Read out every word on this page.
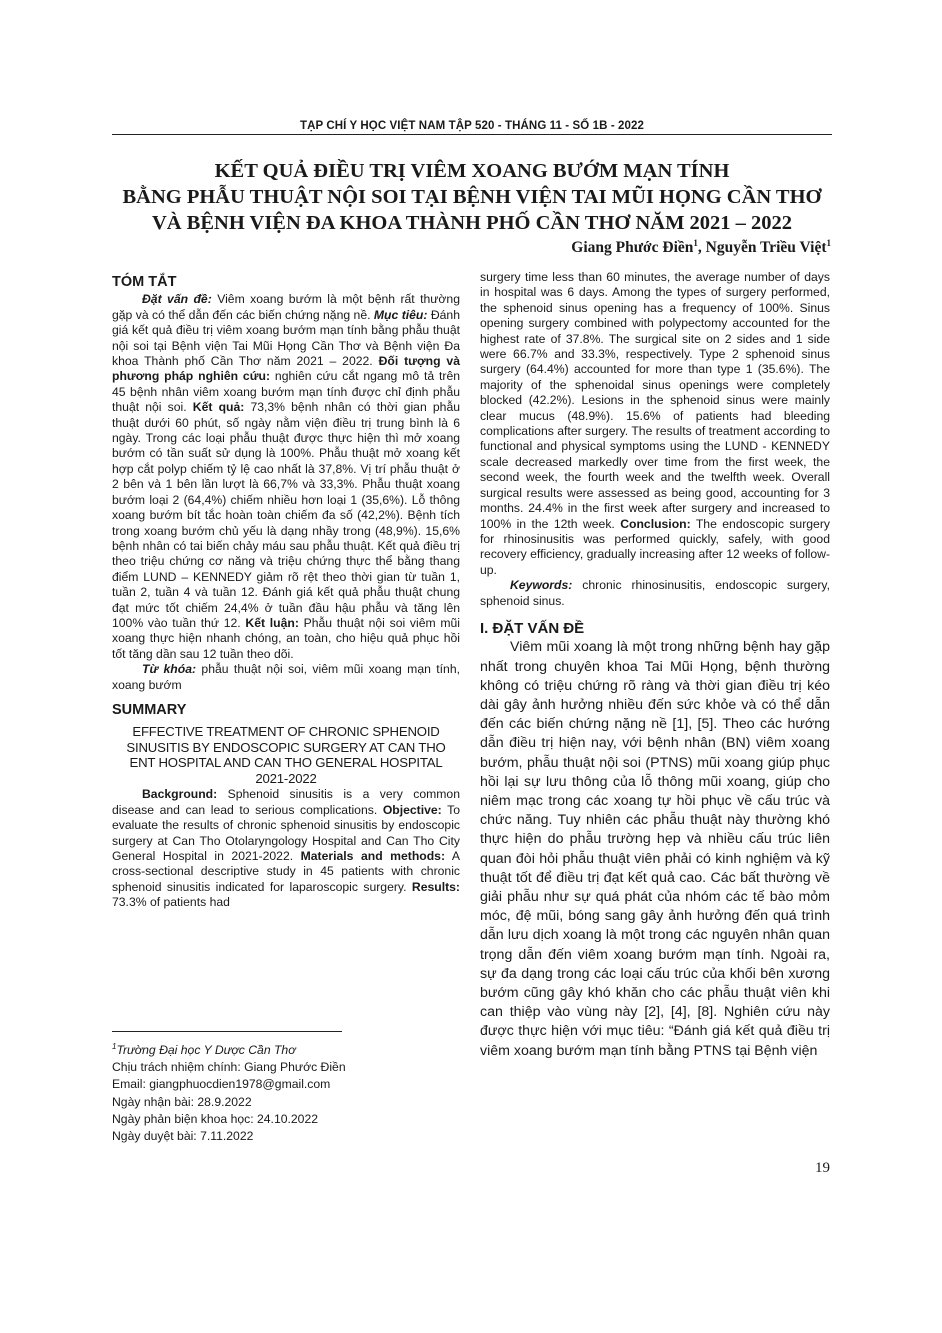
TẠP CHÍ Y HỌC VIỆT NAM TẬP 520 - THÁNG 11 - SỐ 1B - 2022
KẾT QUẢ ĐIỀU TRỊ VIÊM XOANG BƯỚM MẠN TÍNH
BẰNG PHẪU THUẬT NỘI SOI TẠI BỆNH VIỆN TAI MŨI HỌNG CẦN THƠ
VÀ BỆNH VIỆN ĐA KHOA THÀNH PHỐ CẦN THƠ NĂM 2021 – 2022
Giang Phước Điền$^1$, Nguyễn Triều Việt$^1$
TÓM TẮT

Đặt vấn đề: Viêm xoang bướm là một bệnh rất thường gặp và có thể dẫn đến các biến chứng nặng nề. Mục tiêu: Đánh giá kết quả điều trị viêm xoang bướm mạn tính bằng phẫu thuật nội soi tại Bệnh viện Tai Mũi Họng Cần Thơ và Bệnh viện Đa khoa Thành phố Cần Thơ năm 2021 – 2022. Đối tượng và phương pháp nghiên cứu: nghiên cứu cắt ngang mô tả trên 45 bệnh nhân viêm xoang bướm mạn tính được chỉ định phẫu thuật nội soi. Kết quả: 73,3% bệnh nhân có thời gian phẫu thuật dưới 60 phút, số ngày nằm viện điều trị trung bình là 6 ngày. Trong các loại phẫu thuật được thực hiện thì mở xoang bướm có tần suất sử dụng là 100%. Phẫu thuật mở xoang kết hợp cắt polyp chiếm tỷ lệ cao nhất là 37,8%. Vị trí phẫu thuật ở 2 bên và 1 bên lần lượt là 66,7% và 33,3%. Phẫu thuật xoang bướm loại 2 (64,4%) chiếm nhiều hơn loại 1 (35,6%). Lỗ thông xoang bướm bít tắc hoàn toàn chiếm đa số (42,2%). Bệnh tích trong xoang bướm chủ yếu là dạng nhầy trong (48,9%). 15,6% bệnh nhân có tai biến chảy máu sau phẫu thuật. Kết quả điều trị theo triệu chứng cơ năng và triệu chứng thực thể bằng thang điểm LUND – KENNEDY giảm rõ rệt theo thời gian từ tuần 1, tuần 2, tuần 4 và tuần 12. Đánh giá kết quả phẫu thuật chung đạt mức tốt chiếm 24,4% ở tuần đầu hậu phẫu và tăng lên 100% vào tuần thứ 12. Kết luận: Phẫu thuật nội soi viêm mũi xoang thực hiện nhanh chóng, an toàn, cho hiệu quả phục hồi tốt tăng dần sau 12 tuần theo dõi.

Từ khóa: phẫu thuật nội soi, viêm mũi xoang mạn tính, xoang bướm

SUMMARY
EFFECTIVE TREATMENT OF CHRONIC SPHENOID SINUSITIS BY ENDOSCOPIC SURGERY AT CAN THO ENT HOSPITAL AND CAN THO GENERAL HOSPITAL 2021-2022

Background: Sphenoid sinusitis is a very common disease and can lead to serious complications. Objective: To evaluate the results of chronic sphenoid sinusitis by endoscopic surgery at Can Tho Otolaryngology Hospital and Can Tho City General Hospital in 2021-2022. Materials and methods: A cross-sectional descriptive study in 45 patients with chronic sphenoid sinusitis indicated for laparoscopic surgery. Results: 73.3% of patients had

$^1$Trường Đại học Y Dược Cần Thơ
Chịu trách nhiệm chính: Giang Phước Điền
Email: giangphuocdien1978@gmail.com
Ngày nhận bài: 28.9.2022
Ngày phản biện khoa học: 24.10.2022
Ngày duyệt bài: 7.11.2022

surgery time less than 60 minutes, the average number of days in hospital was 6 days. Among the types of surgery performed, the sphenoid sinus opening has a frequency of 100%. Sinus opening surgery combined with polypectomy accounted for the highest rate of 37.8%. The surgical site on 2 sides and 1 side were 66.7% and 33.3%, respectively. Type 2 sphenoid sinus surgery (64.4%) accounted for more than type 1 (35.6%). The majority of the sphenoidal sinus openings were completely blocked (42.2%). Lesions in the sphenoid sinus were mainly clear mucus (48.9%). 15.6% of patients had bleeding complications after surgery. The results of treatment according to functional and physical symptoms using the LUND - KENNEDY scale decreased markedly over time from the first week, the second week, the fourth week and the twelfth week. Overall surgical results were assessed as being good, accounting for 3 months. 24.4% in the first week after surgery and increased to 100% in the 12th week. Conclusion: The endoscopic surgery for rhinosinusitis was performed quickly, safely, with good recovery efficiency, gradually increasing after 12 weeks of follow-up.

Keywords: chronic rhinosinusitis, endoscopic surgery, sphenoid sinus.

I. ĐẶT VẤN ĐỀ

Viêm mũi xoang là một trong những bệnh hay gặp nhất trong chuyên khoa Tai Mũi Họng, bệnh thường không có triệu chứng rõ ràng và thời gian điều trị kéo dài gây ảnh hưởng nhiều đến sức khỏe và có thể dẫn đến các biến chứng nặng nề [1], [5]. Theo các hướng dẫn điều trị hiện nay, với bệnh nhân (BN) viêm xoang bướm, phẫu thuật nội soi (PTNS) mũi xoang giúp phục hồi lại sự lưu thông của lỗ thông mũi xoang, giúp cho niêm mạc trong các xoang tự hồi phục về cấu trúc và chức năng. Tuy nhiên các phẫu thuật này thường khó thực hiện do phẫu trường hẹp và nhiều cấu trúc liên quan đòi hỏi phẫu thuật viên phải có kinh nghiệm và kỹ thuật tốt để điều trị đạt kết quả cao. Các bất thường về giải phẫu như sự quá phát của nhóm các tế bào mỏm móc, đệ mũi, bóng sang gây ảnh hưởng đến quá trình dẫn lưu dịch xoang là một trong các nguyên nhân quan trọng dẫn đến viêm xoang bướm mạn tính. Ngoài ra, sự đa dạng trong các loại cấu trúc của khối bên xương bướm cũng gây khó khăn cho các phẫu thuật viên khi can thiệp vào vùng này [2], [4], [8]. Nghiên cứu này được thực hiện với mục tiêu: “Đánh giá kết quả điều trị viêm xoang bướm mạn tính bằng PTNS tại Bệnh viện

19
